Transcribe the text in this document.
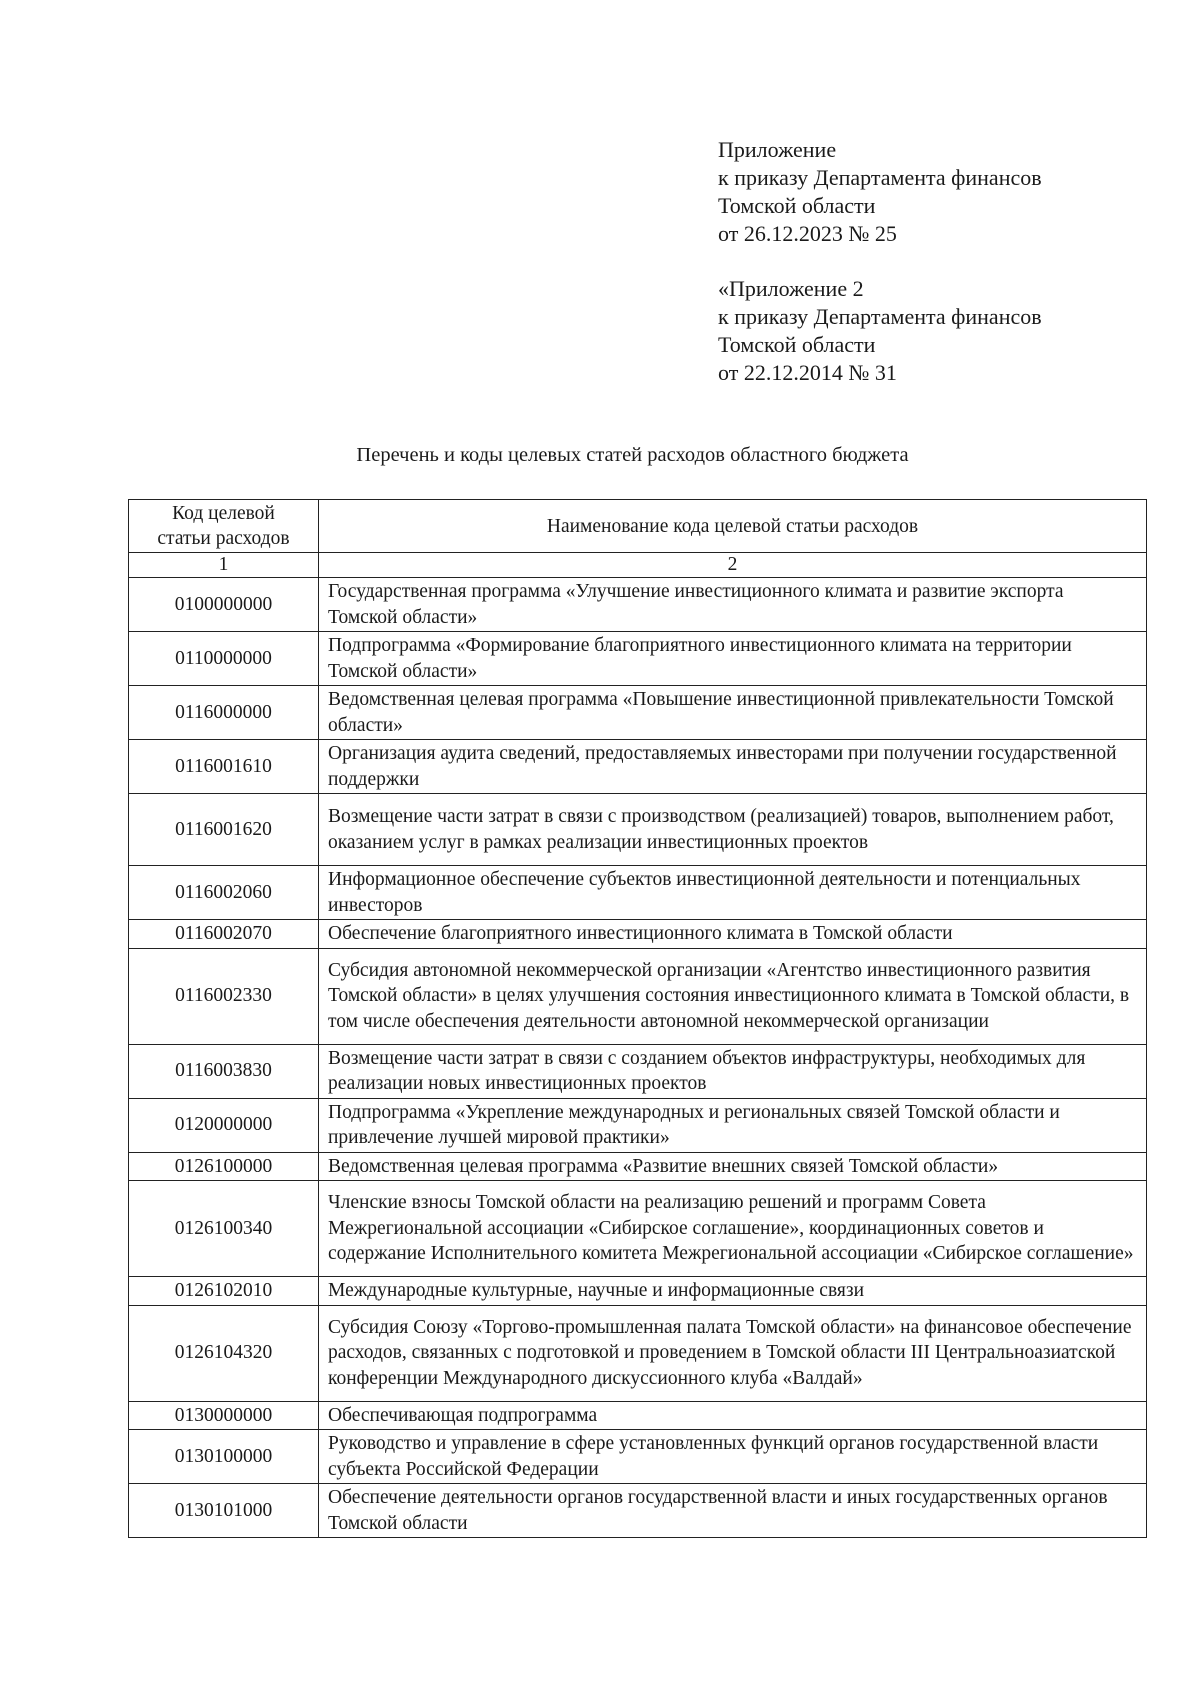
Приложение
к приказу Департамента финансов
Томской области
от 26.12.2023 № 25
«Приложение 2
к приказу Департамента финансов
Томской области
от 22.12.2014 № 31
Перечень и коды целевых статей расходов областного бюджета
Код целевой
статьи расходов	Наименование кода целевой статьи расходов
1	2
0100000000	Государственная программа «Улучшение инвестиционного климата и развитие экспорта Томской области»
0110000000	Подпрограмма «Формирование благоприятного инвестиционного климата на территории Томской области»
0116000000	Ведомственная целевая программа «Повышение инвестиционной привлекательности Томской области»
0116001610	Организация аудита сведений, предоставляемых инвесторами при получении государственной поддержки
0116001620	Возмещение части затрат в связи с производством (реализацией) товаров, выполнением работ, оказанием услуг в рамках реализации инвестиционных проектов
0116002060	Информационное обеспечение субъектов инвестиционной деятельности и потенциальных инвесторов
0116002070	Обеспечение благоприятного инвестиционного климата в Томской области
0116002330	Субсидия автономной некоммерческой организации «Агентство инвестиционного развития Томской области» в целях улучшения состояния инвестиционного климата в Томской области, в том числе обеспечения деятельности автономной некоммерческой организации
0116003830	Возмещение части затрат в связи с созданием объектов инфраструктуры, необходимых для реализации новых инвестиционных проектов
0120000000	Подпрограмма «Укрепление международных и региональных связей Томской области и привлечение лучшей мировой практики»
0126100000	Ведомственная целевая программа «Развитие внешних связей Томской области»
0126100340	Членские взносы Томской области на реализацию решений и программ Совета Межрегиональной ассоциации «Сибирское соглашение», координационных советов и содержание Исполнительного комитета Межрегиональной ассоциации «Сибирское соглашение»
0126102010	Международные культурные, научные и информационные связи
0126104320	Субсидия Союзу «Торгово-промышленная палата Томской области» на финансовое обеспечение расходов, связанных с подготовкой и проведением в Томской области III Центральноазиатской конференции Международного дискуссионного клуба «Валдай»
0130000000	Обеспечивающая подпрограмма
0130100000	Руководство и управление в сфере установленных функций органов государственной власти субъекта Российской Федерации
0130101000	Обеспечение деятельности органов государственной власти и иных государственных органов Томской области
